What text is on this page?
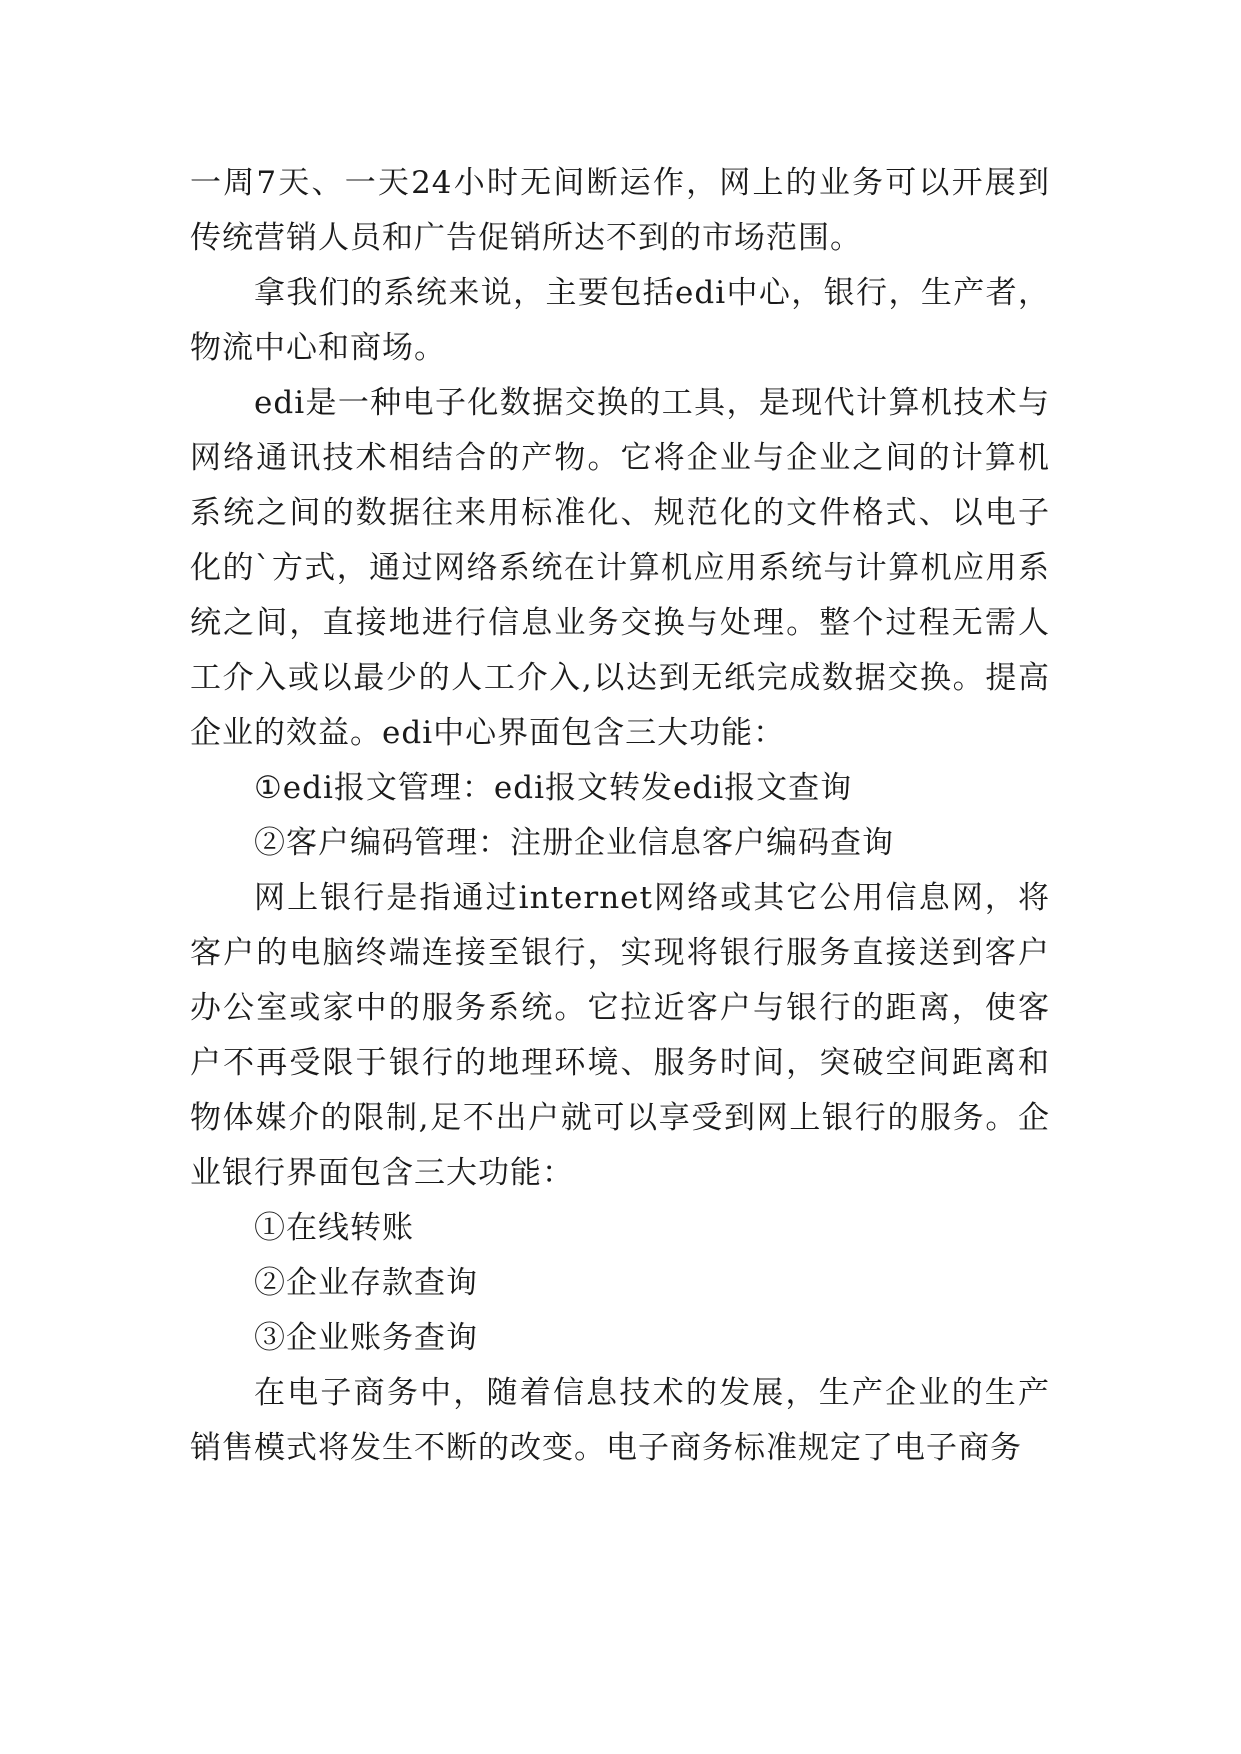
一周7天、一天24小时无间断运作，网上的业务可以开展到传统营销人员和广告促销所达不到的市场范围。

拿我们的系统来说，主要包括edi中心，银行，生产者，物流中心和商场。

edi是一种电子化数据交换的工具，是现代计算机技术与网络通讯技术相结合的产物。它将企业与企业之间的计算机系统之间的数据往来用标准化、规范化的文件格式、以电子化的`方式，通过网络系统在计算机应用系统与计算机应用系统之间，直接地进行信息业务交换与处理。整个过程无需人工介入或以最少的人工介入,以达到无纸完成数据交换。提高企业的效益。edi中心界面包含三大功能：

①edi报文管理：edi报文转发edi报文查询

②客户编码管理：注册企业信息客户编码查询

网上银行是指通过internet网络或其它公用信息网，将客户的电脑终端连接至银行，实现将银行服务直接送到客户办公室或家中的服务系统。它拉近客户与银行的距离，使客户不再受限于银行的地理环境、服务时间，突破空间距离和物体媒介的限制,足不出户就可以享受到网上银行的服务。企业银行界面包含三大功能：

①在线转账

②企业存款查询

③企业账务查询

在电子商务中，随着信息技术的发展，生产企业的生产销售模式将发生不断的改变。电子商务标准规定了电子商务
